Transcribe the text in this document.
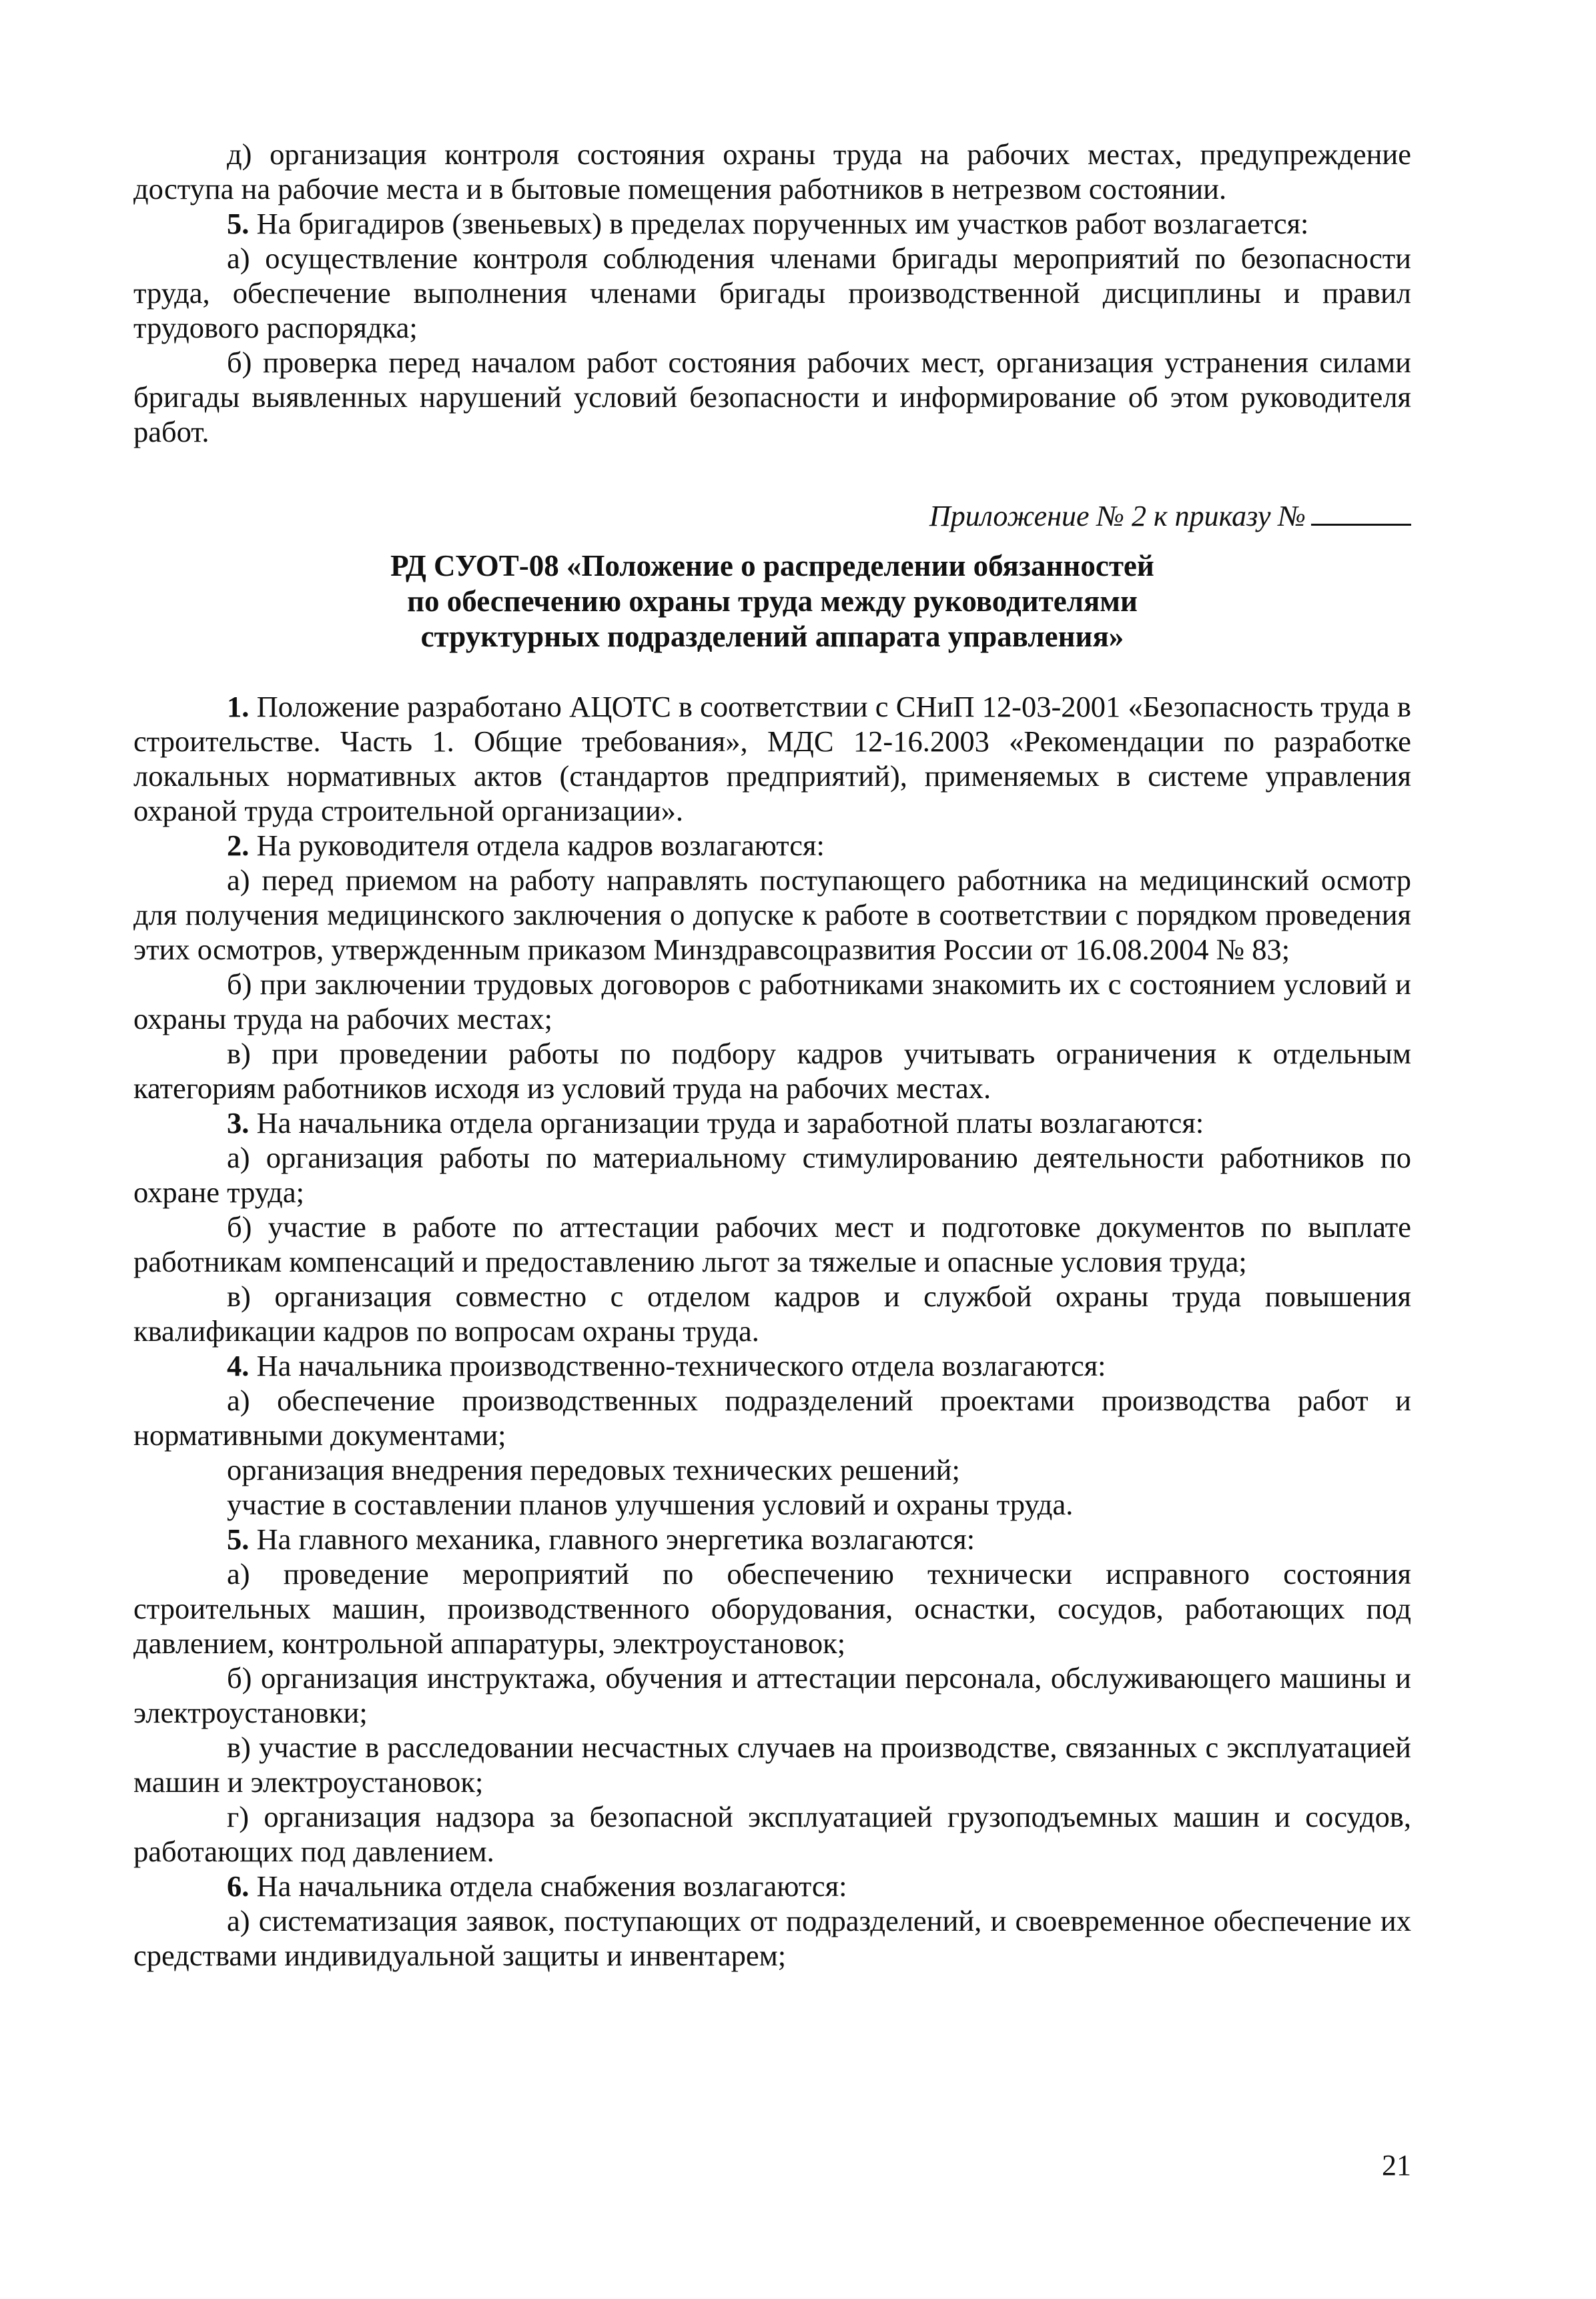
д) организация контроля состояния охраны труда на рабочих местах, предупреждение доступа на рабочие места и в бытовые помещения работников в нетрезвом состоянии.

5. На бригадиров (звеньевых) в пределах порученных им участков работ возлагается:

а) осуществление контроля соблюдения членами бригады мероприятий по безопасности труда, обеспечение выполнения членами бригады производственной дисциплины и правил трудового распорядка;

б) проверка перед началом работ состояния рабочих мест, организация устранения силами бригады выявленных нарушений условий безопасности и информирование об этом руководителя работ.

Приложение № 2 к приказу №

РД СУОТ-08 «Положение о распределении обязанностей
по обеспечению охраны труда между руководителями
структурных подразделений аппарата управления»

1. Положение разработано АЦОТС в соответствии с СНиП 12-03-2001 «Безопасность труда в строительстве. Часть 1. Общие требования», МДС 12-16.2003 «Рекомендации по разработке локальных нормативных актов (стандартов предприятий), применяемых в системе управления охраной труда строительной организации».

2. На руководителя отдела кадров возлагаются:

а) перед приемом на работу направлять поступающего работника на медицинский осмотр для получения медицинского заключения о допуске к работе в соответствии с порядком проведения этих осмотров, утвержденным приказом Минздравсоцразвития России от 16.08.2004 № 83;

б) при заключении трудовых договоров с работниками знакомить их с состоянием условий и охраны труда на рабочих местах;

в) при проведении работы по подбору кадров учитывать ограничения к отдельным категориям работников исходя из условий труда на рабочих местах.

3. На начальника отдела организации труда и заработной платы возлагаются:

а) организация работы по материальному стимулированию деятельности работников по охране труда;

б) участие в работе по аттестации рабочих мест и подготовке документов по выплате работникам компенсаций и предоставлению льгот за тяжелые и опасные условия труда;

в) организация совместно с отделом кадров и службой охраны труда повышения квалификации кадров по вопросам охраны труда.

4. На начальника производственно-технического отдела возлагаются:

а) обеспечение производственных подразделений проектами производства работ и нормативными документами;

организация внедрения передовых технических решений;

участие в составлении планов улучшения условий и охраны труда.

5. На главного механика, главного энергетика возлагаются:

а) проведение мероприятий по обеспечению технически исправного состояния строительных машин, производственного оборудования, оснастки, сосудов, работающих под давлением, контрольной аппаратуры, электроустановок;

б) организация инструктажа, обучения и аттестации персонала, обслуживающего машины и электроустановки;

в) участие в расследовании несчастных случаев на производстве, связанных с эксплуатацией машин и электроустановок;

г) организация надзора за безопасной эксплуатацией грузоподъемных машин и сосудов, работающих под давлением.

6. На начальника отдела снабжения возлагаются:

а) систематизация заявок, поступающих от подразделений, и своевременное обеспечение их средствами индивидуальной защиты и инвентарем;

21
